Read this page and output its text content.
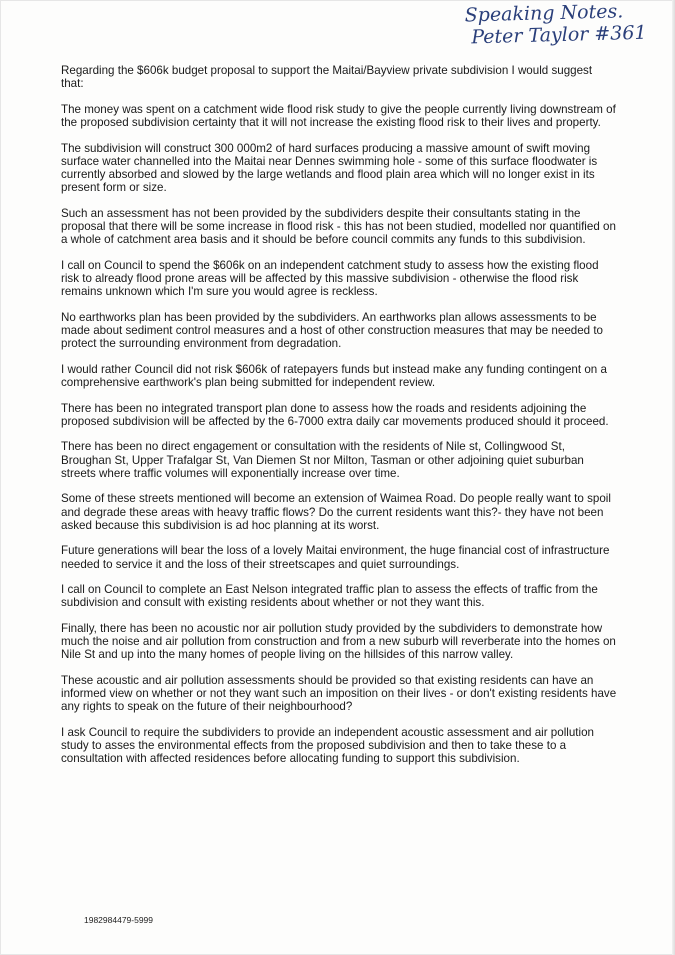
Speaking Notes.
Peter Taylor #361

Regarding the $606k budget proposal to support the Maitai/Bayview private subdivision I would suggest that:

The money was spent on a catchment wide flood risk study to give the people currently living downstream of the proposed subdivision certainty that it will not increase the existing flood risk to their lives and property.

The subdivision will construct 300 000m2 of hard surfaces producing a massive amount of swift moving surface water channelled into the Maitai near Dennes swimming hole - some of this surface floodwater is currently absorbed and slowed by the large wetlands and flood plain area which will no longer exist in its present form or size.

Such an assessment has not been provided by the subdividers despite their consultants stating in the proposal that there will be some increase in flood risk - this has not been studied, modelled nor quantified on a whole of catchment area basis and it should be before council commits any funds to this subdivision.

I call on Council to spend the $606k on an independent catchment study to assess how the existing flood risk to already flood prone areas will be affected by this massive subdivision - otherwise the flood risk remains unknown which I'm sure you would agree is reckless.

No earthworks plan has been provided by the subdividers. An earthworks plan allows assessments to be made about sediment control measures and a host of other construction measures that may be needed to protect the surrounding environment from degradation.

I would rather Council did not risk $606k of ratepayers funds but instead make any funding contingent on a comprehensive earthwork's plan being submitted for independent review.

There has been no integrated transport plan done to assess how the roads and residents adjoining the proposed subdivision will be affected by the 6-7000 extra daily car movements produced should it proceed.

There has been no direct engagement or consultation with the residents of Nile st, Collingwood St, Broughan St, Upper Trafalgar St, Van Diemen St nor Milton, Tasman or other adjoining quiet suburban streets where traffic volumes will exponentially increase over time.

Some of these streets mentioned will become an extension of Waimea Road. Do people really want to spoil and degrade these areas with heavy traffic flows? Do the current residents want this?- they have not been asked because this subdivision is ad hoc planning at its worst.

Future generations will bear the loss of a lovely Maitai environment, the huge financial cost of infrastructure needed to service it and the loss of their streetscapes and quiet surroundings.

I call on Council to complete an East Nelson integrated traffic plan to assess the effects of traffic from the subdivision and consult with existing residents about whether or not they want this.

Finally, there has been no acoustic nor air pollution study provided by the subdividers to demonstrate how much the noise and air pollution from construction and from a new suburb will reverberate into the homes on Nile St and up into the many homes of people living on the hillsides of this narrow valley.

These acoustic and air pollution assessments should be provided so that existing residents can have an informed view on whether or not they want such an imposition on their lives - or don't existing residents have any rights to speak on the future of their neighbourhood?

I ask Council to require the subdividers to provide an independent acoustic assessment and air pollution study to asses the environmental effects from the proposed subdivision and then to take these to a consultation with affected residences before allocating funding to support this subdivision.

1982984479-5999
